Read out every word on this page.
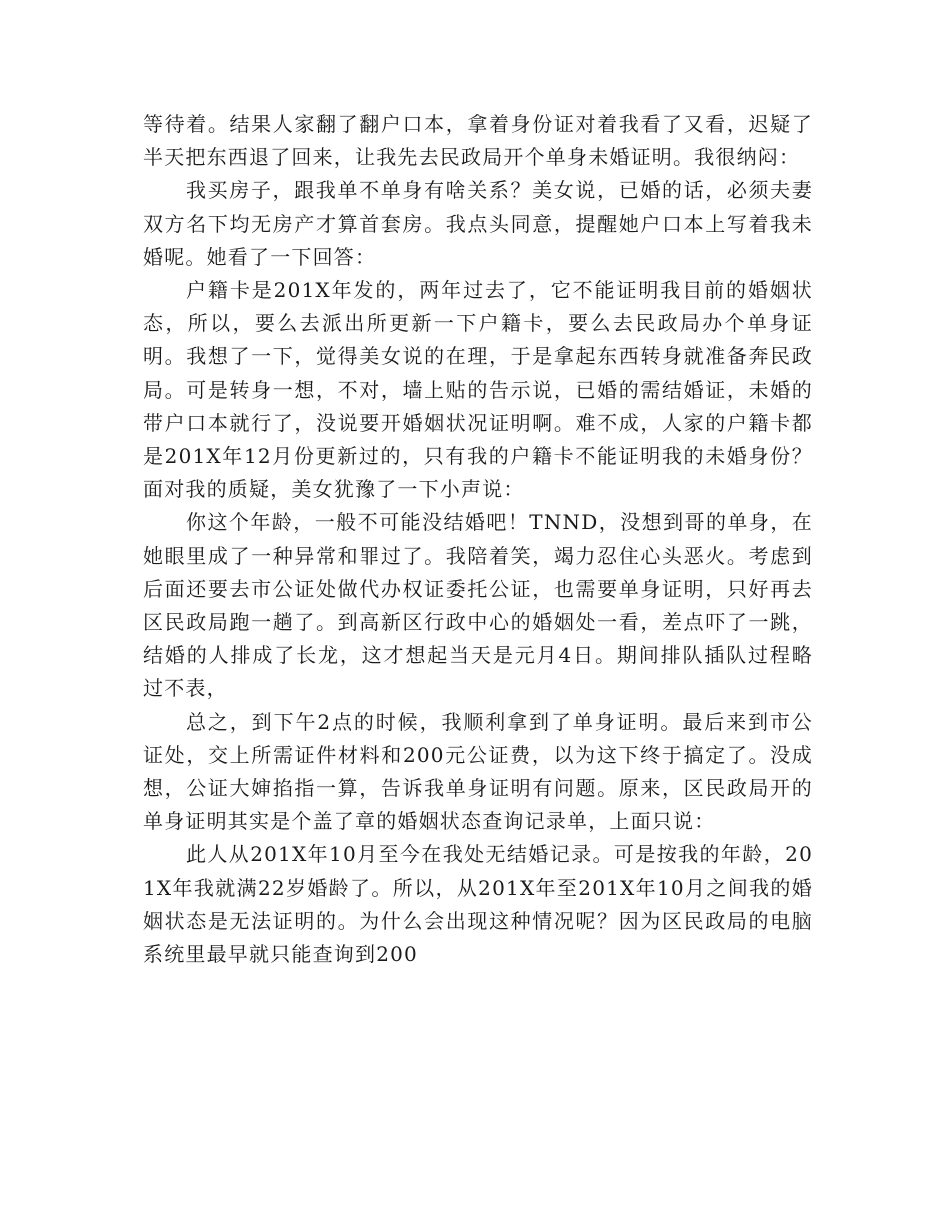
等待着。结果人家翻了翻户口本，拿着身份证对着我看了又看，迟疑了半天把东西退了回来，让我先去民政局开个单身未婚证明。我很纳闷：

我买房子，跟我单不单身有啥关系？美女说，已婚的话，必须夫妻双方名下均无房产才算首套房。我点头同意，提醒她户口本上写着我未婚呢。她看了一下回答：

户籍卡是201X年发的，两年过去了，它不能证明我目前的婚姻状态，所以，要么去派出所更新一下户籍卡，要么去民政局办个单身证明。我想了一下，觉得美女说的在理，于是拿起东西转身就准备奔民政局。可是转身一想，不对，墙上贴的告示说，已婚的需结婚证，未婚的带户口本就行了，没说要开婚姻状况证明啊。难不成，人家的户籍卡都是201X年12月份更新过的，只有我的户籍卡不能证明我的未婚身份？面对我的质疑，美女犹豫了一下小声说：

你这个年龄，一般不可能没结婚吧！TNND，没想到哥的单身，在她眼里成了一种异常和罪过了。我陪着笑，竭力忍住心头恶火。考虑到后面还要去市公证处做代办权证委托公证，也需要单身证明，只好再去区民政局跑一趟了。到高新区行政中心的婚姻处一看，差点吓了一跳，结婚的人排成了长龙，这才想起当天是元月4日。期间排队插队过程略过不表，

总之，到下午2点的时候，我顺利拿到了单身证明。最后来到市公证处，交上所需证件材料和200元公证费，以为这下终于搞定了。没成想，公证大婶掐指一算，告诉我单身证明有问题。原来，区民政局开的单身证明其实是个盖了章的婚姻状态查询记录单，上面只说：

此人从201X年10月至今在我处无结婚记录。可是按我的年龄，201X年我就满22岁婚龄了。所以，从201X年至201X年10月之间我的婚姻状态是无法证明的。为什么会出现这种情况呢？因为区民政局的电脑系统里最早就只能查询到200
